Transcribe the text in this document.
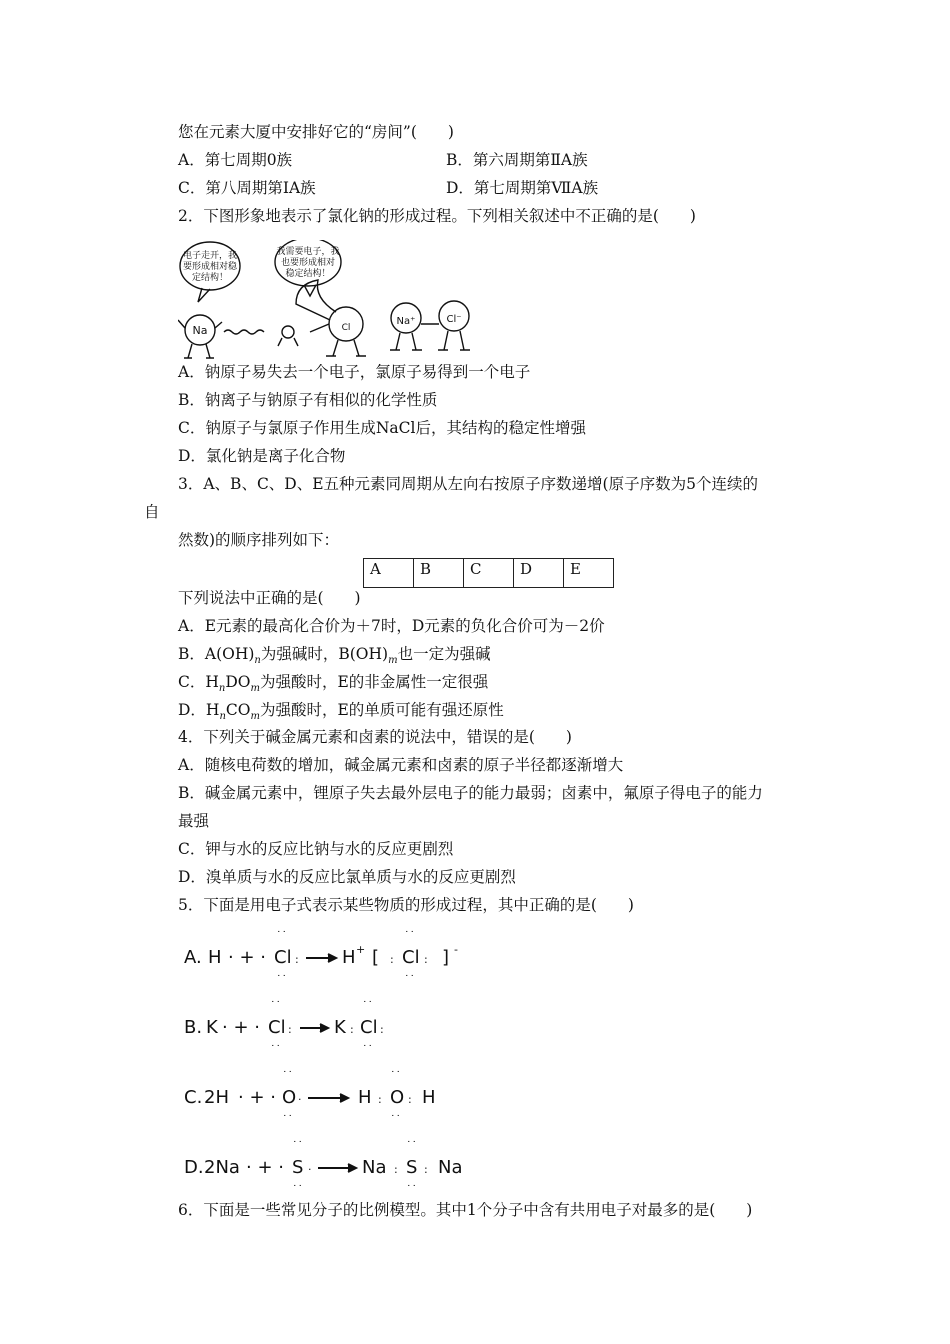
您在元素大厦中安排好它的“房间”(　　)
A．第七周期0族	B．第六周期第ⅡA族
C．第八周期第ⅠA族	D．第七周期第ⅦA族
2．下图形象地表示了氯化钠的形成过程。下列相关叙述中不正确的是(　　)
电子走开，我
要形成相对稳
定结构！
我需要电子，我
也要形成相对
稳定结构！
Na	Cl
Na⁺	Cl⁻
A．钠原子易失去一个电子，氯原子易得到一个电子
B．钠离子与钠原子有相似的化学性质
C．钠原子与氯原子作用生成NaCl后，其结构的稳定性增强
D．氯化钠是离子化合物
3．A、B、C、D、E五种元素同周期从左向右按原子序数递增(原子序数为5个连续的
自
然数)的顺序排列如下：
A	B	C	D	E
下列说法中正确的是(　　)
A．E元素的最高化合价为＋7时，D元素的负化合价可为－2价
B．$A(OH)_n$为强碱时，$B(OH)_m$也一定为强碱
C．$H_nDO_m$为强酸时，E的非金属性一定很强
D．$H_nCO_m$为强酸时，E的单质可能有强还原性
4．下列关于碱金属元素和卤素的说法中，错误的是(　　)
A．随核电荷数的增加，碱金属元素和卤素的原子半径都逐渐增大
B．碱金属元素中，锂原子失去最外层电子的能力最弱；卤素中，氟原子得电子的能力
最强
C．钾与水的反应比钠与水的反应更剧烈
D．溴单质与水的反应比氯单质与水的反应更剧烈
5．下面是用电子式表示某些物质的形成过程，其中正确的是(　　)
A. H · + · Cl	H + [ Cl ] -
˙˙
˙˙
:
˙˙
˙˙
:	:
B. K · + · Cl	K Cl
˙˙
˙˙
:	:
˙˙
˙˙
:
C. 2H · + · O	H O H
˙˙
˙˙
·	:
˙˙
˙˙
:
D. 2Na · + · S	Na S Na
˙˙
˙˙
·	:
˙˙
˙˙
:
6．下面是一些常见分子的比例模型。其中1个分子中含有共用电子对最多的是(　　)
